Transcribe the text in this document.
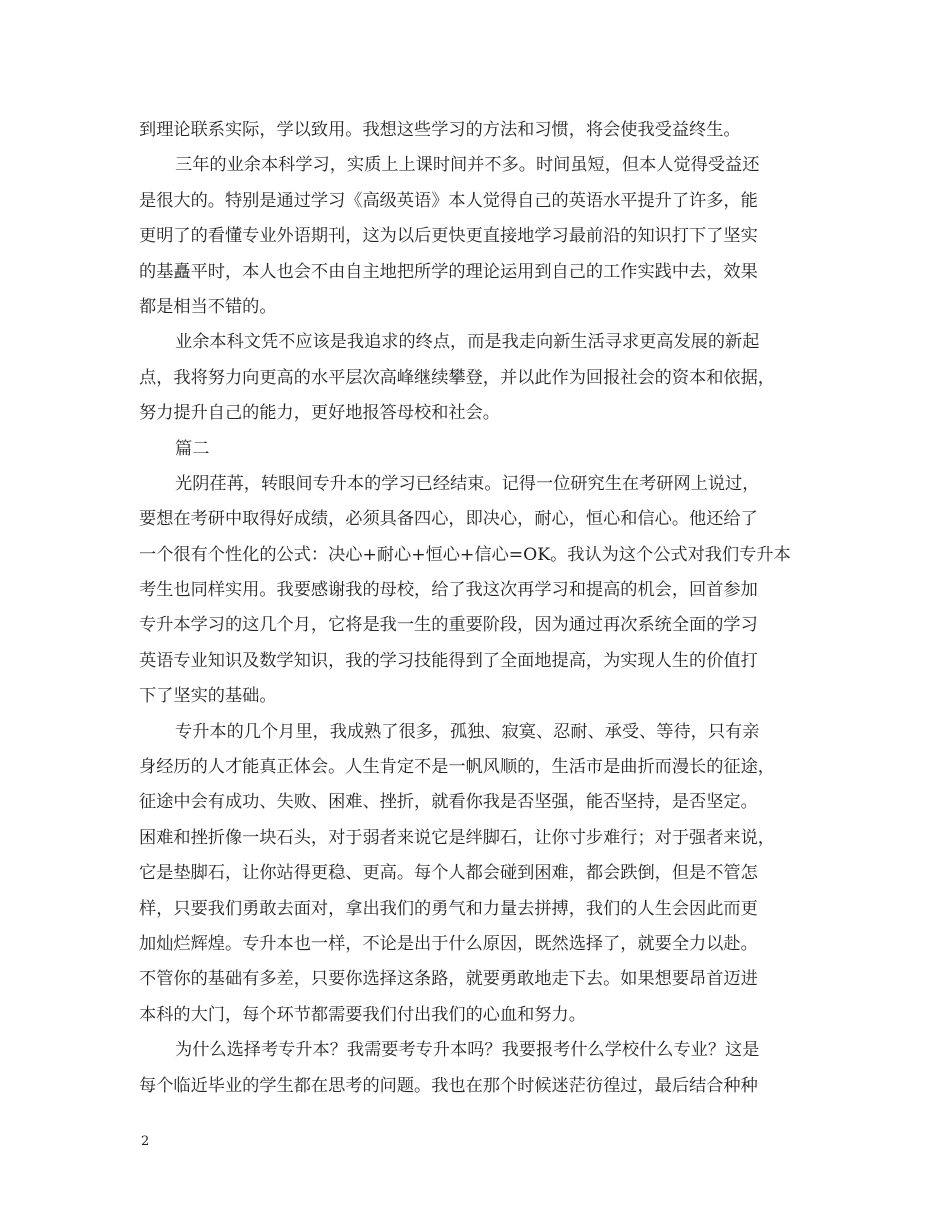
到理论联系实际，学以致用。我想这些学习的方法和习惯，将会使我受益终生。

三年的业余本科学习，实质上上课时间并不多。时间虽短，但本人觉得受益还
是很大的。特别是通过学习《高级英语》本人觉得自己的英语水平提升了许多，能
更明了的看懂专业外语期刊，这为以后更快更直接地学习最前沿的知识打下了坚实
的基矗平时，本人也会不由自主地把所学的理论运用到自己的工作实践中去，效果
都是相当不错的。

业余本科文凭不应该是我追求的终点，而是我走向新生活寻求更高发展的新起
点，我将努力向更高的水平层次高峰继续攀登，并以此作为回报社会的资本和依据，
努力提升自己的能力，更好地报答母校和社会。

篇二

光阴荏苒，转眼间专升本的学习已经结束。记得一位研究生在考研网上说过，
要想在考研中取得好成绩，必须具备四心，即决心，耐心，恒心和信心。他还给了
一个很有个性化的公式：决心+耐心+恒心+信心=OK。我认为这个公式对我们专升本
考生也同样实用。我要感谢我的母校，给了我这次再学习和提高的机会，回首参加
专升本学习的这几个月，它将是我一生的重要阶段，因为通过再次系统全面的学习
英语专业知识及数学知识，我的学习技能得到了全面地提高，为实现人生的价值打
下了坚实的基础。

专升本的几个月里，我成熟了很多，孤独、寂寞、忍耐、承受、等待，只有亲
身经历的人才能真正体会。人生肯定不是一帆风顺的，生活市是曲折而漫长的征途，
征途中会有成功、失败、困难、挫折，就看你我是否坚强，能否坚持，是否坚定。
困难和挫折像一块石头，对于弱者来说它是绊脚石，让你寸步难行；对于强者来说，
它是垫脚石，让你站得更稳、更高。每个人都会碰到困难，都会跌倒，但是不管怎
样，只要我们勇敢去面对，拿出我们的勇气和力量去拼搏，我们的人生会因此而更
加灿烂辉煌。专升本也一样，不论是出于什么原因，既然选择了，就要全力以赴。
不管你的基础有多差，只要你选择这条路，就要勇敢地走下去。如果想要昂首迈进
本科的大门，每个环节都需要我们付出我们的心血和努力。

为什么选择考专升本？我需要考专升本吗？我要报考什么学校什么专业？这是
每个临近毕业的学生都在思考的问题。我也在那个时候迷茫彷徨过，最后结合种种

2
